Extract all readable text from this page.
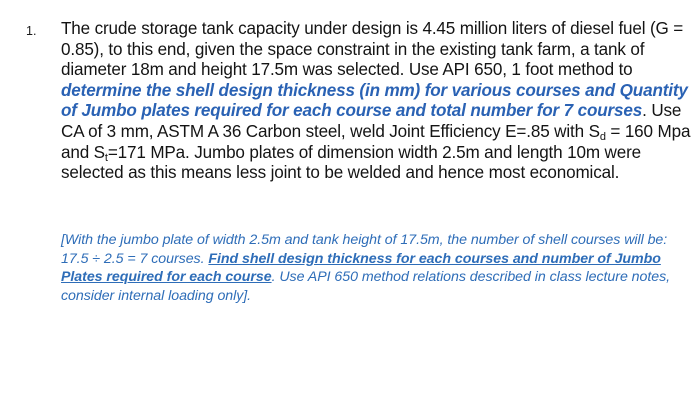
1. The crude storage tank capacity under design is 4.45 million liters of diesel fuel (G = 0.85), to this end, given the space constraint in the existing tank farm, a tank of diameter 18m and height 17.5m was selected. Use API 650, 1 foot method to determine the shell design thickness (in mm) for various courses and Quantity of Jumbo plates required for each course and total number for 7 courses. Use CA of 3 mm, ASTM A 36 Carbon steel, weld Joint Efficiency E=.85 with $S_d = 160$ Mpa and $S_t=171$ MPa. Jumbo plates of dimension width 2.5m and length 10m were selected as this means less joint to be welded and hence most economical.
[With the jumbo plate of width 2.5m and tank height of 17.5m, the number of shell courses will be: 17.5 ÷ 2.5 = 7 courses. Find shell design thickness for each courses and number of Jumbo Plates required for each course. Use API 650 method relations described in class lecture notes, consider internal loading only].
